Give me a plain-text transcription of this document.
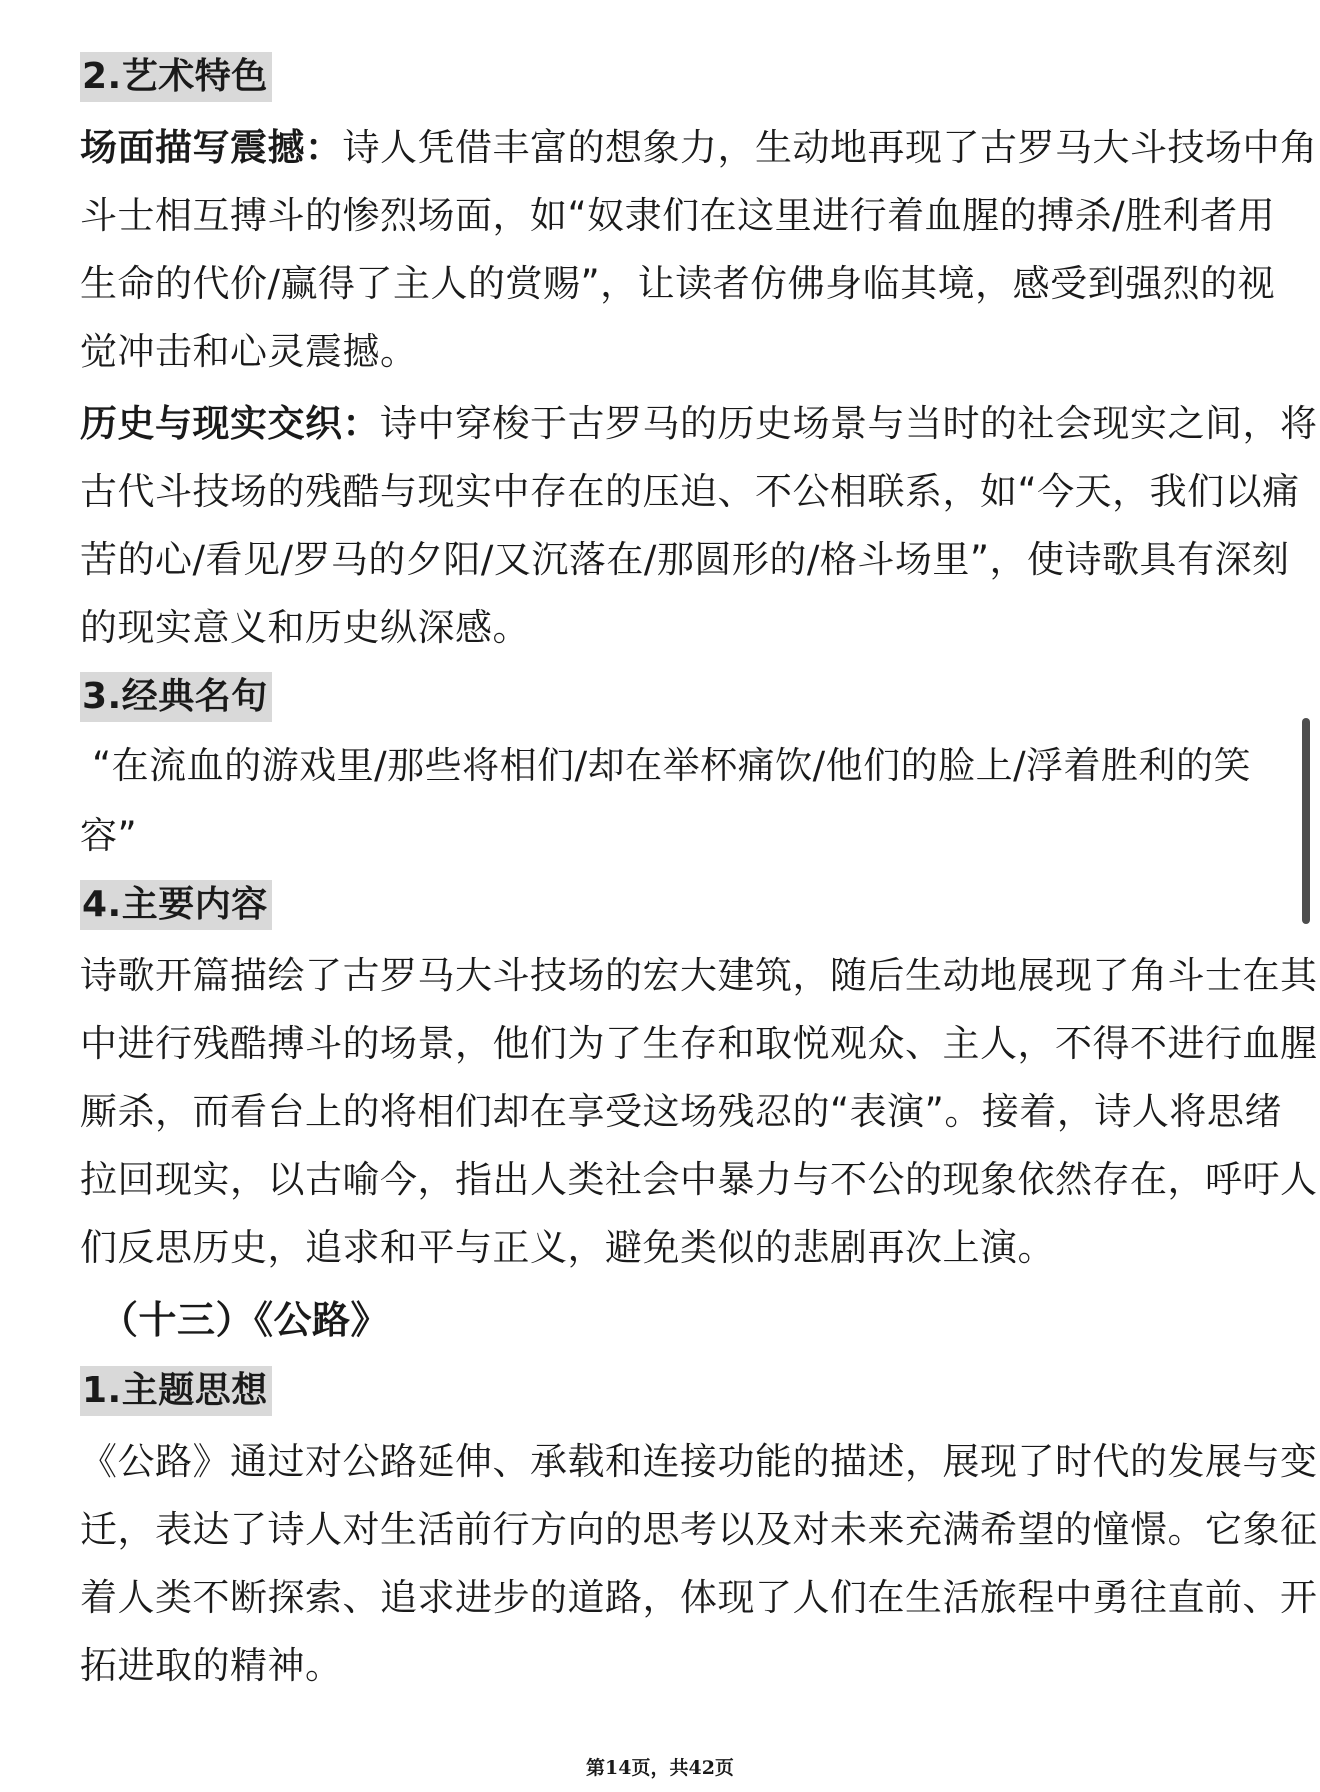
2.艺术特色
场面描写震撼：诗人凭借丰富的想象力，生动地再现了古罗马大斗技场中角
斗士相互搏斗的惨烈场面，如“奴隶们在这里进行着血腥的搏杀/胜利者用
生命的代价/赢得了主人的赏赐”，让读者仿佛身临其境，感受到强烈的视
觉冲击和心灵震撼。
历史与现实交织：诗中穿梭于古罗马的历史场景与当时的社会现实之间，将
古代斗技场的残酷与现实中存在的压迫、不公相联系，如“今天，我们以痛
苦的心/看见/罗马的夕阳/又沉落在/那圆形的/格斗场里”，使诗歌具有深刻
的现实意义和历史纵深感。
3.经典名句
“在流血的游戏里/那些将相们/却在举杯痛饮/他们的脸上/浮着胜利的笑
容”
4.主要内容
诗歌开篇描绘了古罗马大斗技场的宏大建筑，随后生动地展现了角斗士在其
中进行残酷搏斗的场景，他们为了生存和取悦观众、主人，不得不进行血腥
厮杀，而看台上的将相们却在享受这场残忍的“表演”。接着，诗人将思绪
拉回现实，以古喻今，指出人类社会中暴力与不公的现象依然存在，呼吁人
们反思历史，追求和平与正义，避免类似的悲剧再次上演。
（十三）《公路》
1.主题思想
《公路》通过对公路延伸、承载和连接功能的描述，展现了时代的发展与变
迁，表达了诗人对生活前行方向的思考以及对未来充满希望的憧憬。它象征
着人类不断探索、追求进步的道路，体现了人们在生活旅程中勇往直前、开
拓进取的精神。
第14页，共42页
